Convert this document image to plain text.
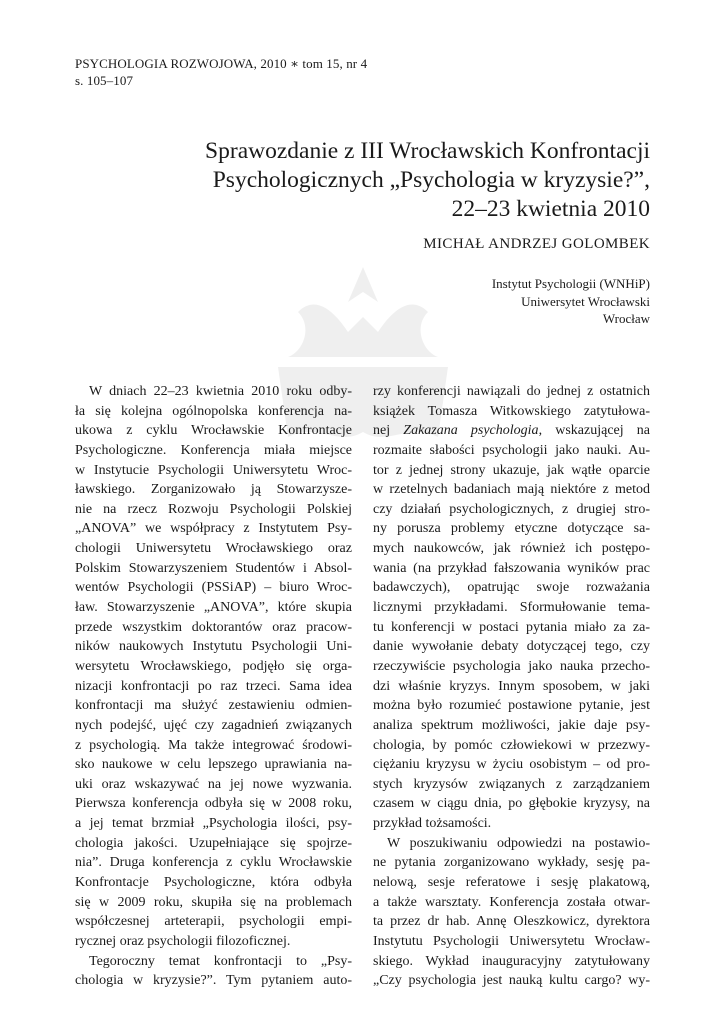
PSYCHOLOGIA ROZWOJOWA, 2010 ∗ tom 15, nr 4
s. 105–107
Sprawozdanie z III Wrocławskich Konfrontacji
Psychologicznych „Psychologia w kryzysie?”,
22–23 kwietnia 2010
MICHAŁ ANDRZEJ GOLOMBEK
Instytut Psychologii (WNHiP)
Uniwersytet Wrocławski
Wrocław
W dniach 22–23 kwietnia 2010 roku odby-
ła się kolejna ogólnopolska konferencja na-
ukowa z cyklu Wrocławskie Konfrontacje
Psychologiczne. Konferencja miała miejsce
w Instytucie Psychologii Uniwersytetu Wroc-
ławskiego. Zorganizowało ją Stowarzysze-
nie na rzecz Rozwoju Psychologii Polskiej
„ANOVA” we współpracy z Instytutem Psy-
chologii Uniwersytetu Wrocławskiego oraz
Polskim Stowarzyszeniem Studentów i Absol-
wentów Psychologii (PSSiAP) – biuro Wroc-
ław. Stowarzyszenie „ANOVA”, które skupia
przede wszystkim doktorantów oraz pracow-
ników naukowych Instytutu Psychologii Uni-
wersytetu Wrocławskiego, podjęło się orga-
nizacji konfrontacji po raz trzeci. Sama idea
konfrontacji ma służyć zestawieniu odmien-
nych podejść, ujęć czy zagadnień związanych
z psychologią. Ma także integrować środowi-
sko naukowe w celu lepszego uprawiania na-
uki oraz wskazywać na jej nowe wyzwania.
Pierwsza konferencja odbyła się w 2008 roku,
a jej temat brzmiał „Psychologia ilości, psy-
chologia jakości. Uzupełniające się spojrze-
nia”. Druga konferencja z cyklu Wrocławskie
Konfrontacje Psychologiczne, która odbyła
się w 2009 roku, skupiła się na problemach
współczesnej arteterapii, psychologii empi-
rycznej oraz psychologii filozoficznej.
Tegoroczny temat konfrontacji to „Psy-
chologia w kryzysie?”. Tym pytaniem auto-
rzy konferencji nawiązali do jednej z ostatnich
książek Tomasza Witkowskiego zatytułowa-
nej Zakazana psychologia, wskazującej na
rozmaite słabości psychologii jako nauki. Au-
tor z jednej strony ukazuje, jak wątłe oparcie
w rzetelnych badaniach mają niektóre z metod
czy działań psychologicznych, z drugiej stro-
ny porusza problemy etyczne dotyczące sa-
mych naukowców, jak również ich postępo-
wania (na przykład fałszowania wyników prac
badawczych), opatrując swoje rozważania
licznymi przykładami. Sformułowanie tema-
tu konferencji w postaci pytania miało za za-
danie wywołanie debaty dotyczącej tego, czy
rzeczywiście psychologia jako nauka przecho-
dzi właśnie kryzys. Innym sposobem, w jaki
można było rozumieć postawione pytanie, jest
analiza spektrum możliwości, jakie daje psy-
chologia, by pomóc człowiekowi w przezwy-
ciężaniu kryzysu w życiu osobistym – od pro-
stych kryzysów związanych z zarządzaniem
czasem w ciągu dnia, po głębokie kryzysy, na
przykład tożsamości.
W poszukiwaniu odpowiedzi na postawio-
ne pytania zorganizowano wykłady, sesję pa-
nelową, sesje referatowe i sesję plakatową,
a także warsztaty. Konferencja została otwar-
ta przez dr hab. Annę Oleszkowicz, dyrektora
Instytutu Psychologii Uniwersytetu Wrocław-
skiego. Wykład inauguracyjny zatytułowany
„Czy psychologia jest nauką kultu cargo? wy-
